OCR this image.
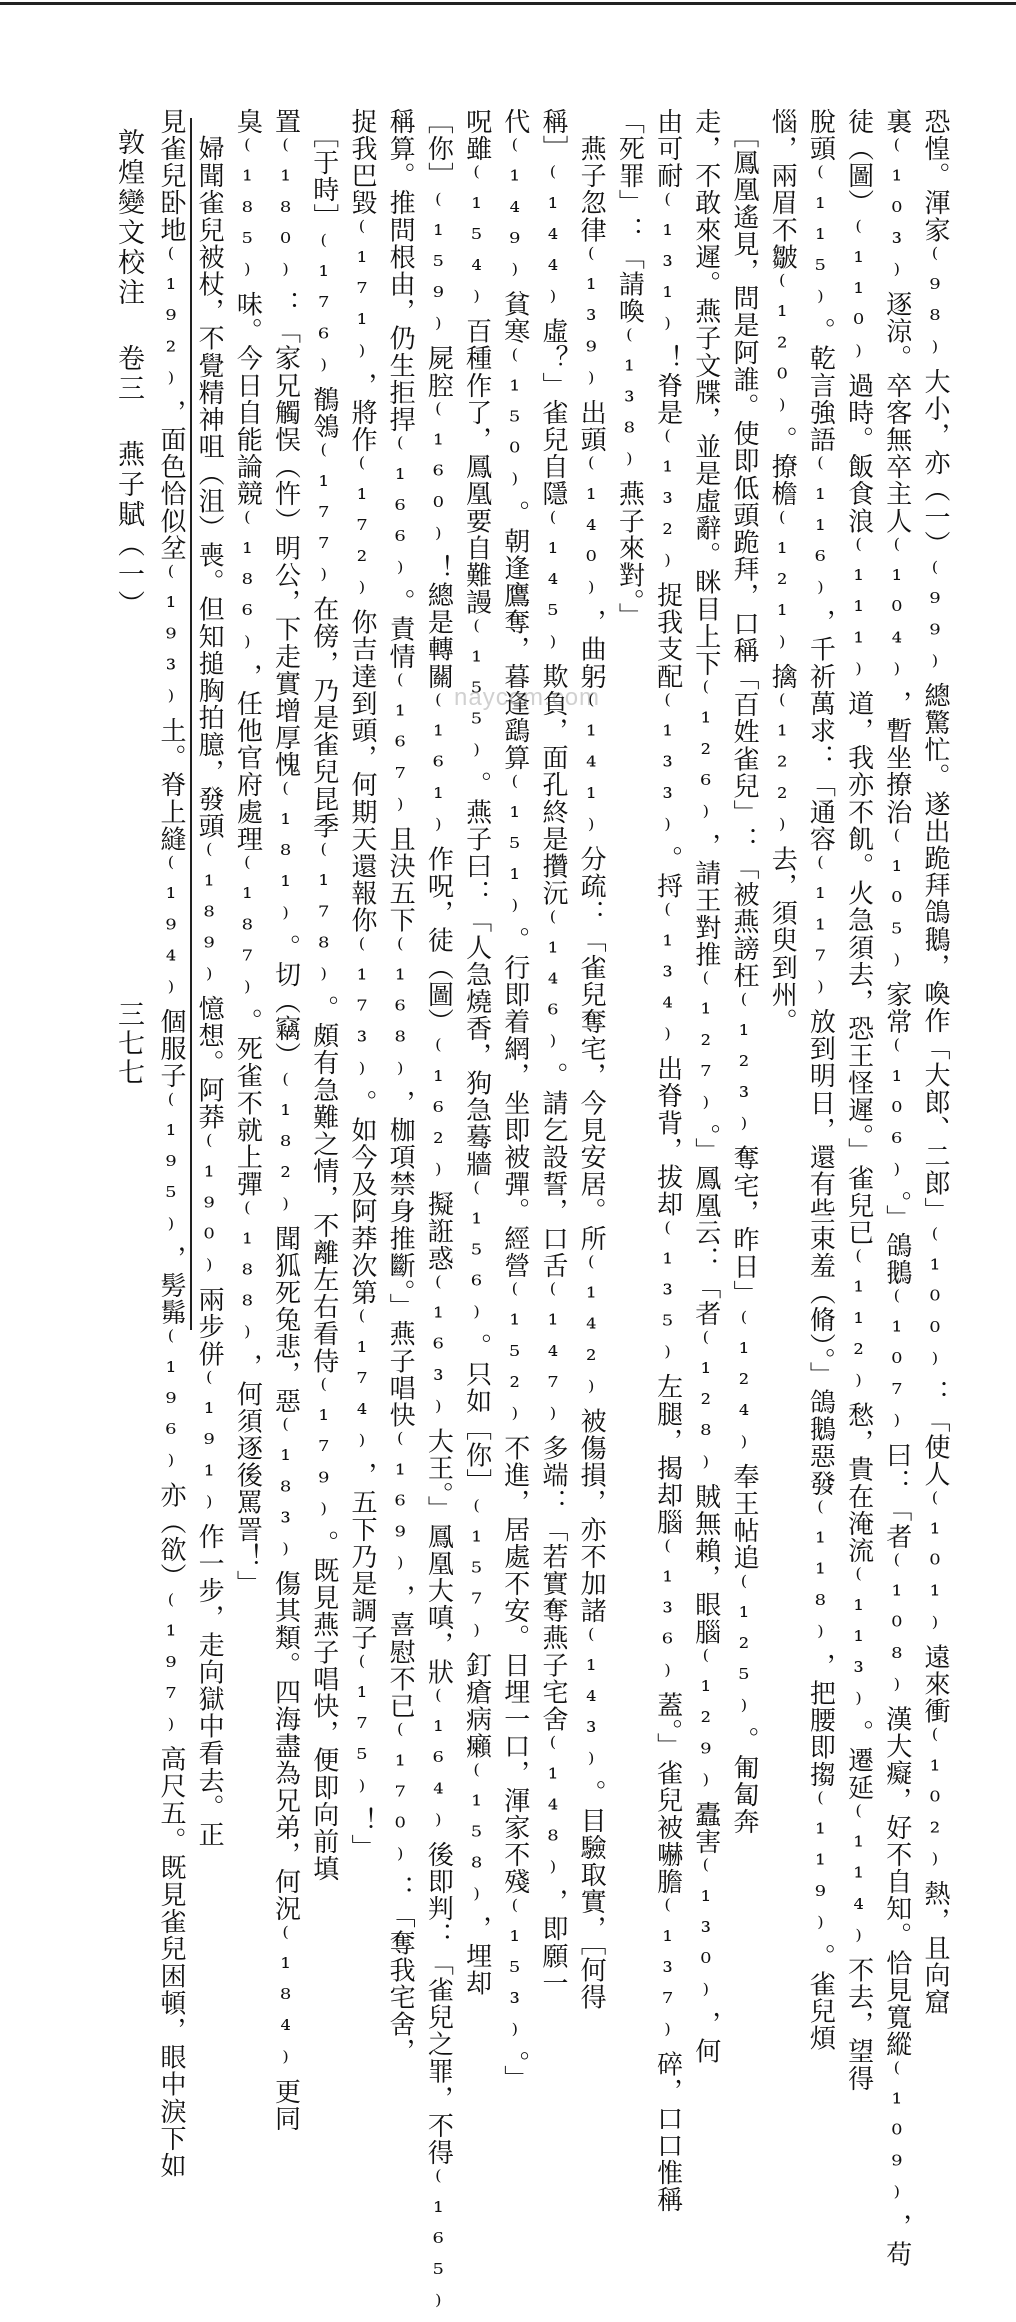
恐惶。渾家⁽⁹⁸⁾大小，亦（一）⁽⁹⁹⁾總驚忙。遂出跪拜鴿鵝，喚作「大郎、二郎」⁽¹⁰⁰⁾：「使人⁽¹⁰¹⁾遠來衝⁽¹⁰²⁾熱，且向窟

裏⁽¹⁰³⁾逐涼。卒客無卒主人⁽¹⁰⁴⁾，暫坐撩治⁽¹⁰⁵⁾家常⁽¹⁰⁶⁾。」鴿鵝⁽¹⁰⁷⁾曰：「者⁽¹⁰⁸⁾漢大癡，好不自知。恰見寬縱⁽¹⁰⁹⁾，苟

徒（圖）⁽¹¹⁰⁾過時。飯食浪⁽¹¹¹⁾道，我亦不飢。火急須去，恐王怪遲。」雀兒已⁽¹¹²⁾愁，貴在淹流⁽¹¹³⁾。遷延⁽¹¹⁴⁾不去，望得

脫頭⁽¹¹⁵⁾。乾言強語⁽¹¹⁶⁾，千祈萬求：「通容⁽¹¹⁷⁾放到明日，還有些束羞（脩）。」鴿鵝惡發⁽¹¹⁸⁾，把腰即搊⁽¹¹⁹⁾。雀兒煩

惱，兩眉不皺⁽¹²⁰⁾。撩檐⁽¹²¹⁾擒⁽¹²²⁾去，須臾到州。

　［鳳凰遙見，問是阿誰。使即低頭跪拜，口稱「百姓雀兒」：「被燕謗枉⁽¹²³⁾奪宅，昨日」⁽¹²⁴⁾奉王帖追⁽¹²⁵⁾。匍匐奔

走，不敢來遲。燕子文牒，並是虛辭。眯目上下⁽¹²⁶⁾，請王對推⁽¹²⁷⁾。」鳳凰云：「者⁽¹²⁸⁾賊無賴，眼腦⁽¹²⁹⁾蠹害⁽¹³⁰⁾，何

由可耐⁽¹³¹⁾！脊是⁽¹³²⁾捉我支配⁽¹³³⁾。捋⁽¹³⁴⁾出脊背，拔却⁽¹³⁵⁾左腿，揭却腦⁽¹³⁶⁾蓋。」雀兒被嚇膽⁽¹³⁷⁾碎，口口惟稱

「死罪」：「請喚⁽¹³⁸⁾燕子來對。」

　燕子忽律⁽¹³⁹⁾出頭⁽¹⁴⁰⁾，曲躬⁽¹⁴¹⁾分疏：「雀兒奪宅，今見安居。所⁽¹⁴²⁾被傷損，亦不加諸⁽¹⁴³⁾。目驗取實，［何得

稱］⁽¹⁴⁴⁾虛？」雀兒自隱⁽¹⁴⁵⁾欺負，面孔終是攢沅⁽¹⁴⁶⁾。請乞設誓，口舌⁽¹⁴⁷⁾多端：「若實奪燕子宅舍⁽¹⁴⁸⁾，即願一

代⁽¹⁴⁹⁾貧寒⁽¹⁵⁰⁾。朝逢鷹奪，暮逢鷂算⁽¹⁵¹⁾。行即着網，坐即被彈。經營⁽¹⁵²⁾不進，居處不安。日埋一口，渾家不殘⁽¹⁵³⁾。」

呪雖⁽¹⁵⁴⁾百種作了，鳳凰要自難謾⁽¹⁵⁵⁾。燕子曰：「人急燒香，狗急蓦牆⁽¹⁵⁶⁾。只如［你］⁽¹⁵⁷⁾釘瘡病癩⁽¹⁵⁸⁾，埋却

［你］⁽¹⁵⁹⁾屍腔⁽¹⁶⁰⁾！總是轉關⁽¹⁶¹⁾作呪，徒（圖）⁽¹⁶²⁾擬誑惑⁽¹⁶³⁾大王。」鳳凰大嗔，狀⁽¹⁶⁴⁾後即判：「雀兒之罪，不得⁽¹⁶⁵⁾

稱算。推問根由，仍生拒捍⁽¹⁶⁶⁾。責情⁽¹⁶⁷⁾且決五下⁽¹⁶⁸⁾，枷項禁身推斷。」燕子唱快⁽¹⁶⁹⁾，喜慰不已⁽¹⁷⁰⁾：「奪我宅舍，

捉我巴毀⁽¹⁷¹⁾，將作⁽¹⁷²⁾你吉達到頭，何期天還報你⁽¹⁷³⁾。如今及阿莽次第⁽¹⁷⁴⁾，五下乃是調子⁽¹⁷⁵⁾！」

　［于時］⁽¹⁷⁶⁾鶺鴒⁽¹⁷⁷⁾在傍，乃是雀兒昆季⁽¹⁷⁸⁾。頗有急難之情，不離左右看侍⁽¹⁷⁹⁾。既見燕子唱快，便即向前填

置⁽¹⁸⁰⁾：「家兄觸悮（忤）明公，下走實增厚愧⁽¹⁸¹⁾。切（竊）⁽¹⁸²⁾聞狐死兔悲，惡⁽¹⁸³⁾傷其類。四海盡為兄弟，何況⁽¹⁸⁴⁾更同

臭⁽¹⁸⁵⁾味。今日自能論競⁽¹⁸⁶⁾，任他官府處理⁽¹⁸⁷⁾。死雀不就上彈⁽¹⁸⁸⁾，何須逐後罵詈！」

　婦聞雀兒被杖，不覺精神咀（沮）喪。但知搥胸拍臆，發頭⁽¹⁸⁹⁾憶想。阿莽⁽¹⁹⁰⁾兩步併⁽¹⁹¹⁾作一步，走向獄中看去。正

見雀兒卧地⁽¹⁹²⁾，面色恰似坌⁽¹⁹³⁾土。脊上縫⁽¹⁹⁴⁾個服子⁽¹⁹⁵⁾，髣髴⁽¹⁹⁶⁾亦（欲）⁽¹⁹⁷⁾高尺五。既見雀兒困頓，眼中淚下如

敦煌變文校注
卷三
燕子賦（一）
三七七
naycom.com
